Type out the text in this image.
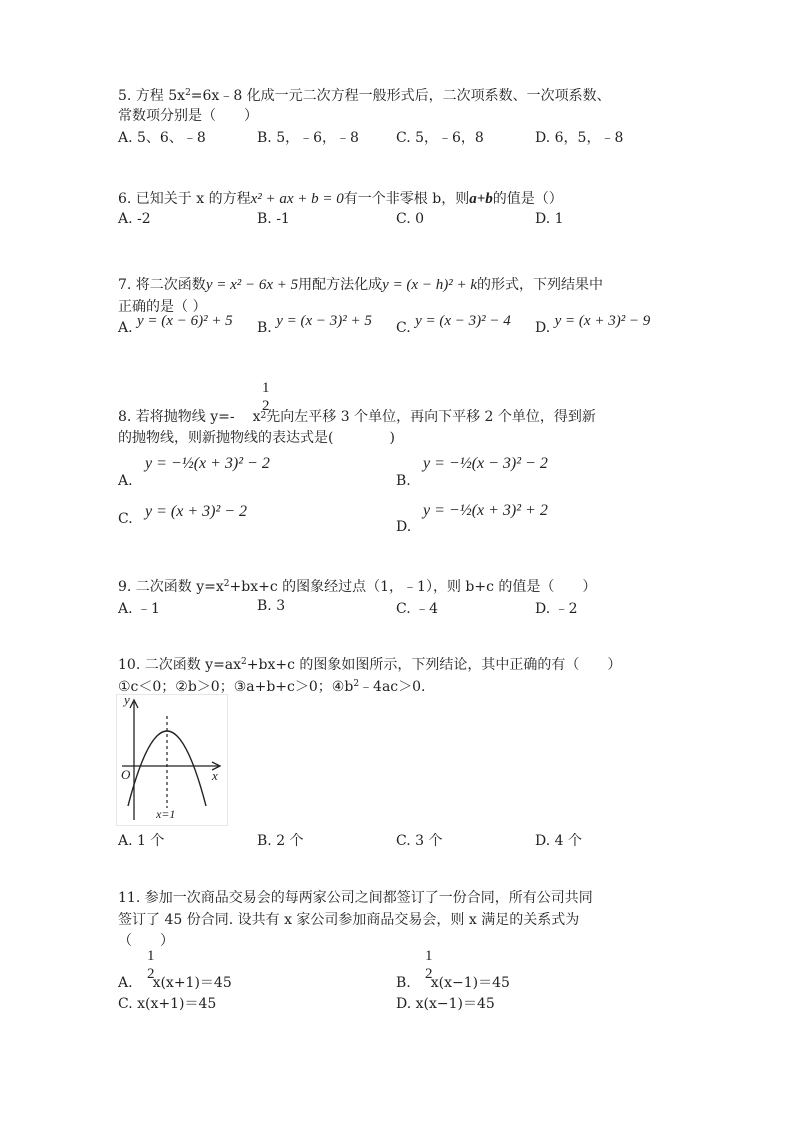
5. 方程 $5x^2=6x﹣8$ 化成一元二次方程一般形式后，二次项系数、一次项系数、
常数项分别是（　　）
A. 5、6、﹣8	B. 5，﹣6，﹣8	C. 5，﹣6，8	D. 6，5，﹣8
6. 已知关于 x 的方程x² + ax + b = 0有一个非零根 b，则a+b的值是（）
A. -2	B. -1	C. 0	D. 1
7. 将二次函数y = x² − 6x + 5用配方法化成y = (x − h)² + k的形式，下列结果中
正确的是（ ）
A. y = (x − 6)² + 5 B. y = (x − 3)² + 5 C. y = (x − 3)² − 4 D. y = (x + 3)² − 9
1
2
8. 若将抛物线 y=- $x^2$先向左平移 3 个单位，再向下平移 2 个单位，得到新
的抛物线，则新抛物线的表达式是(　　　　)
A.
y = −½(x + 3)² − 2
B.
y = −½(x − 3)² − 2
C. y = (x + 3)² − 2
D.
y = −½(x + 3)² + 2
9. 二次函数 $y=x^2+bx+c$ 的图象经过点（1，﹣1），则 b+c 的值是（　　）
A. ﹣1	B. 3	C. ﹣4	D. ﹣2
10. 二次函数 $y=ax^2+bx+c$ 的图象如图所示，下列结论，其中正确的有（　　）
①c＜0；②b＞0；③a+b+c＞0；$④b^2﹣4ac>0$.
y
x
O
x=1
A. 1 个	B. 2 个	C. 3 个	D. 4 个
11. 参加一次商品交易会的每两家公司之间都签订了一份合同，所有公司共同
签订了 45 份合同. 设共有 x 家公司参加商品交易会，则 x 满足的关系式为
（　　）
1
2
1
2
A. x(x+1)＝45	B. x(x−1)＝45
C. x(x+1)＝45	D. x(x−1)＝45
